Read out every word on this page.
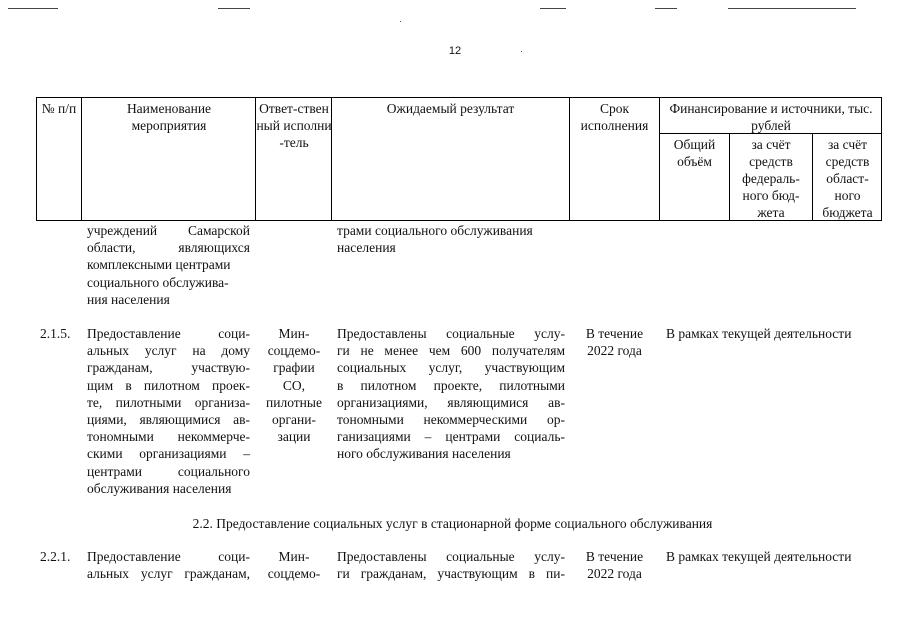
12
№ п/п	Наименование мероприятия
Ответ-ственный исполни-тель
Ожидаемый результат	Срок исполнения
Финансирование и источники, тыс. рублей
Общий объём
за счёт средств федераль-ного бюд-жета
за счёт средств област-ного бюджета
учреждений Самарской
области, являющихся
комплексными центрами
социального обслужива-
ния населения
трами социального обслуживания
населения
2.1.5. Предоставление соци-
альных услуг на дому
гражданам, участвую-
щим в пилотном проек-
те, пилотными организа-
циями, являющимися ав-
тономными некоммерче-
скими организациями –
центрами социального
обслуживания населения
Мин-
соцдемо-
графии
СО,
пилотные
органи-
зации
Предоставлены социальные услу-
ги не менее чем 600 получателям
социальных услуг, участвующим
в пилотном проекте, пилотными
организациями, являющимися ав-
тономными некоммерческими ор-
ганизациями – центрами социаль-
ного обслуживания населения
В течение
2022 года
В рамках текущей деятельности
2.2. Предоставление социальных услуг в стационарной форме социального обслуживания
2.2.1. Предоставление соци-
альных услуг гражданам,
Мин-
соцдемо-
Предоставлены социальные услу-
ги гражданам, участвующим в пи-
В течение
2022 года
В рамках текущей деятельности
